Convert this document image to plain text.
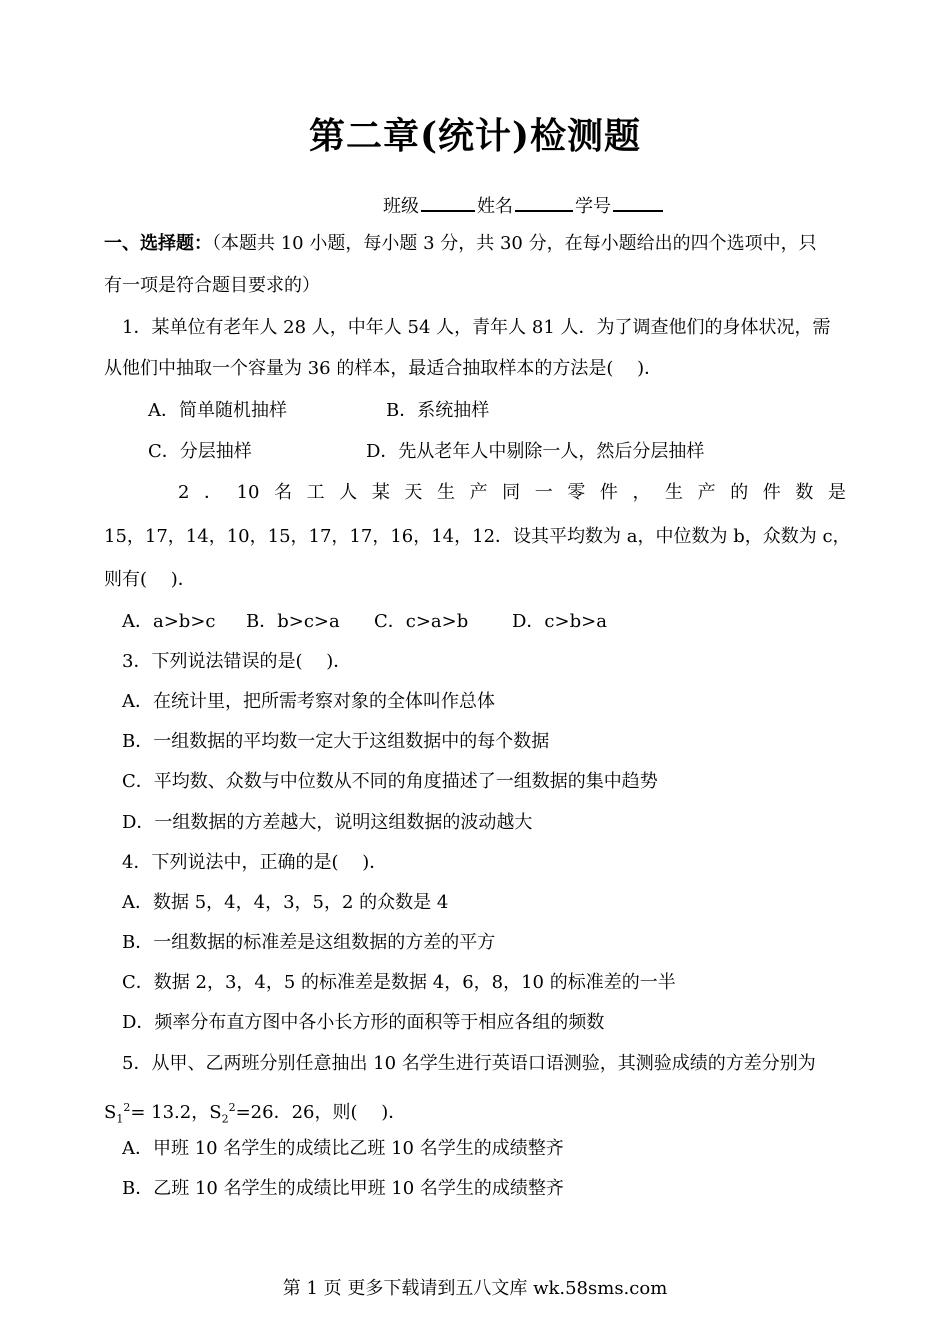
第二章(统计)检测题
班级	姓名	学号
一、选择题：（本题共 10 小题，每小题 3 分，共 30 分，在每小题给出的四个选项中，只
有一项是符合题目要求的）
1．某单位有老年人 28 人，中年人 54 人，青年人 81 人．为了调查他们的身体状况，需
从他们中抽取一个容量为 36 的样本，最适合抽取样本的方法是(　 )．
A．简单随机抽样	B．系统抽样
C．分层抽样	D．先从老年人中剔除一人，然后分层抽样
2 ． 10 名 工 人 某 天 生 产 同 一 零 件 ， 生 产 的 件 数 是
15，17，14，10，15，17，17，16，14，12．设其平均数为 a，中位数为 b，众数为 c，
则有(　 )．
A．a>b>c B．b>c>a C．c>a>b D．c>b>a
3．下列说法错误的是(　 )．
A．在统计里，把所需考察对象的全体叫作总体
B．一组数据的平均数一定大于这组数据中的每个数据
C．平均数、众数与中位数从不同的角度描述了一组数据的集中趋势
D．一组数据的方差越大，说明这组数据的波动越大
4．下列说法中，正确的是(　 )．
A．数据 5，4，4，3，5，2 的众数是 4
B．一组数据的标准差是这组数据的方差的平方
C．数据 2，3，4，5 的标准差是数据 4，6，8，10 的标准差的一半
D．频率分布直方图中各小长方形的面积等于相应各组的频数
5．从甲、乙两班分别任意抽出 10 名学生进行英语口语测验，其测验成绩的方差分别为
$S_1^2= 13.2$，$S_2^2=26$．26，则(　 )．
A．甲班 10 名学生的成绩比乙班 10 名学生的成绩整齐
B．乙班 10 名学生的成绩比甲班 10 名学生的成绩整齐
第 1 页 更多下载请到五八文库 wk.58sms.com
